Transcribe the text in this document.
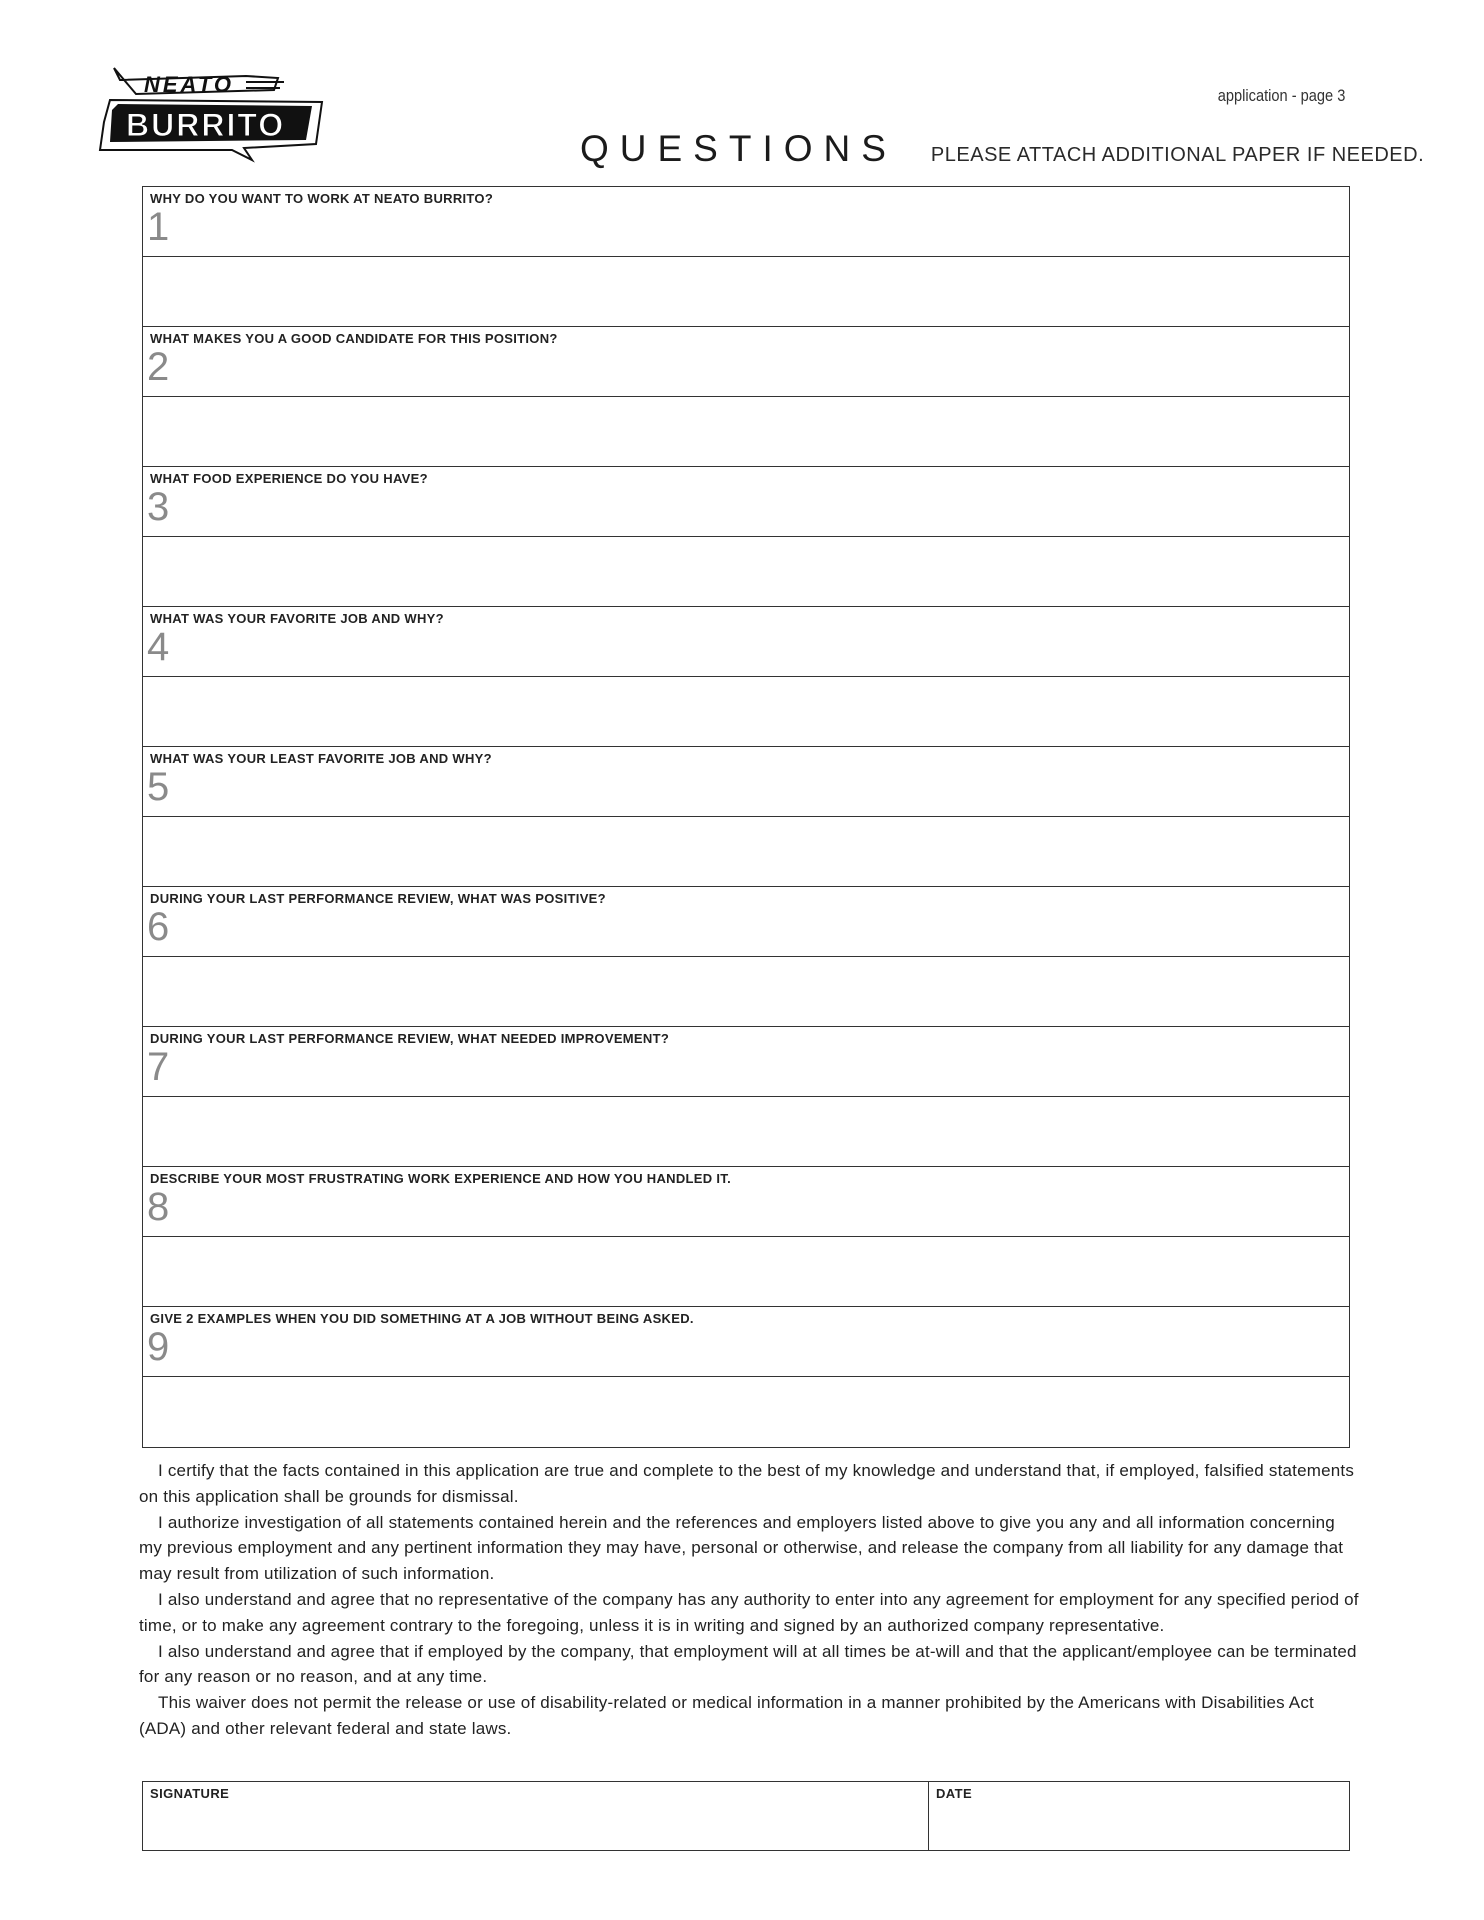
NEATO
BURRITO
application - page 3
QUESTIONS PLEASE ATTACH ADDITIONAL PAPER IF NEEDED.
WHY DO YOU WANT TO WORK AT NEATO BURRITO?
1
WHAT MAKES YOU A GOOD CANDIDATE FOR THIS POSITION?
2
WHAT FOOD EXPERIENCE DO YOU HAVE?
3
WHAT WAS YOUR FAVORITE JOB AND WHY?
4
WHAT WAS YOUR LEAST FAVORITE JOB AND WHY?
5
DURING YOUR LAST PERFORMANCE REVIEW, WHAT WAS POSITIVE?
6
DURING YOUR LAST PERFORMANCE REVIEW, WHAT NEEDED IMPROVEMENT?
7
DESCRIBE YOUR MOST FRUSTRATING WORK EXPERIENCE AND HOW YOU HANDLED IT.
8
GIVE 2 EXAMPLES WHEN YOU DID SOMETHING AT A JOB WITHOUT BEING ASKED.
9

I certify that the facts contained in this application are true and complete to the best of my knowledge and understand that, if employed, falsified statements on this application shall be grounds for dismissal.

I authorize investigation of all statements contained herein and the references and employers listed above to give you any and all information concerning my previous employment and any pertinent information they may have, personal or otherwise, and release the company from all liability for any damage that may result from utilization of such information.

I also understand and agree that no representative of the company has any authority to enter into any agreement for employment for any specified period of time, or to make any agreement contrary to the foregoing, unless it is in writing and signed by an authorized company representative.

I also understand and agree that if employed by the company, that employment will at all times be at-will and that the applicant/employee can be terminated for any reason or no reason, and at any time.

This waiver does not permit the release or use of disability-related or medical information in a manner prohibited by the Americans with Disabilities Act (ADA) and other relevant federal and state laws.

SIGNATURE	DATE
